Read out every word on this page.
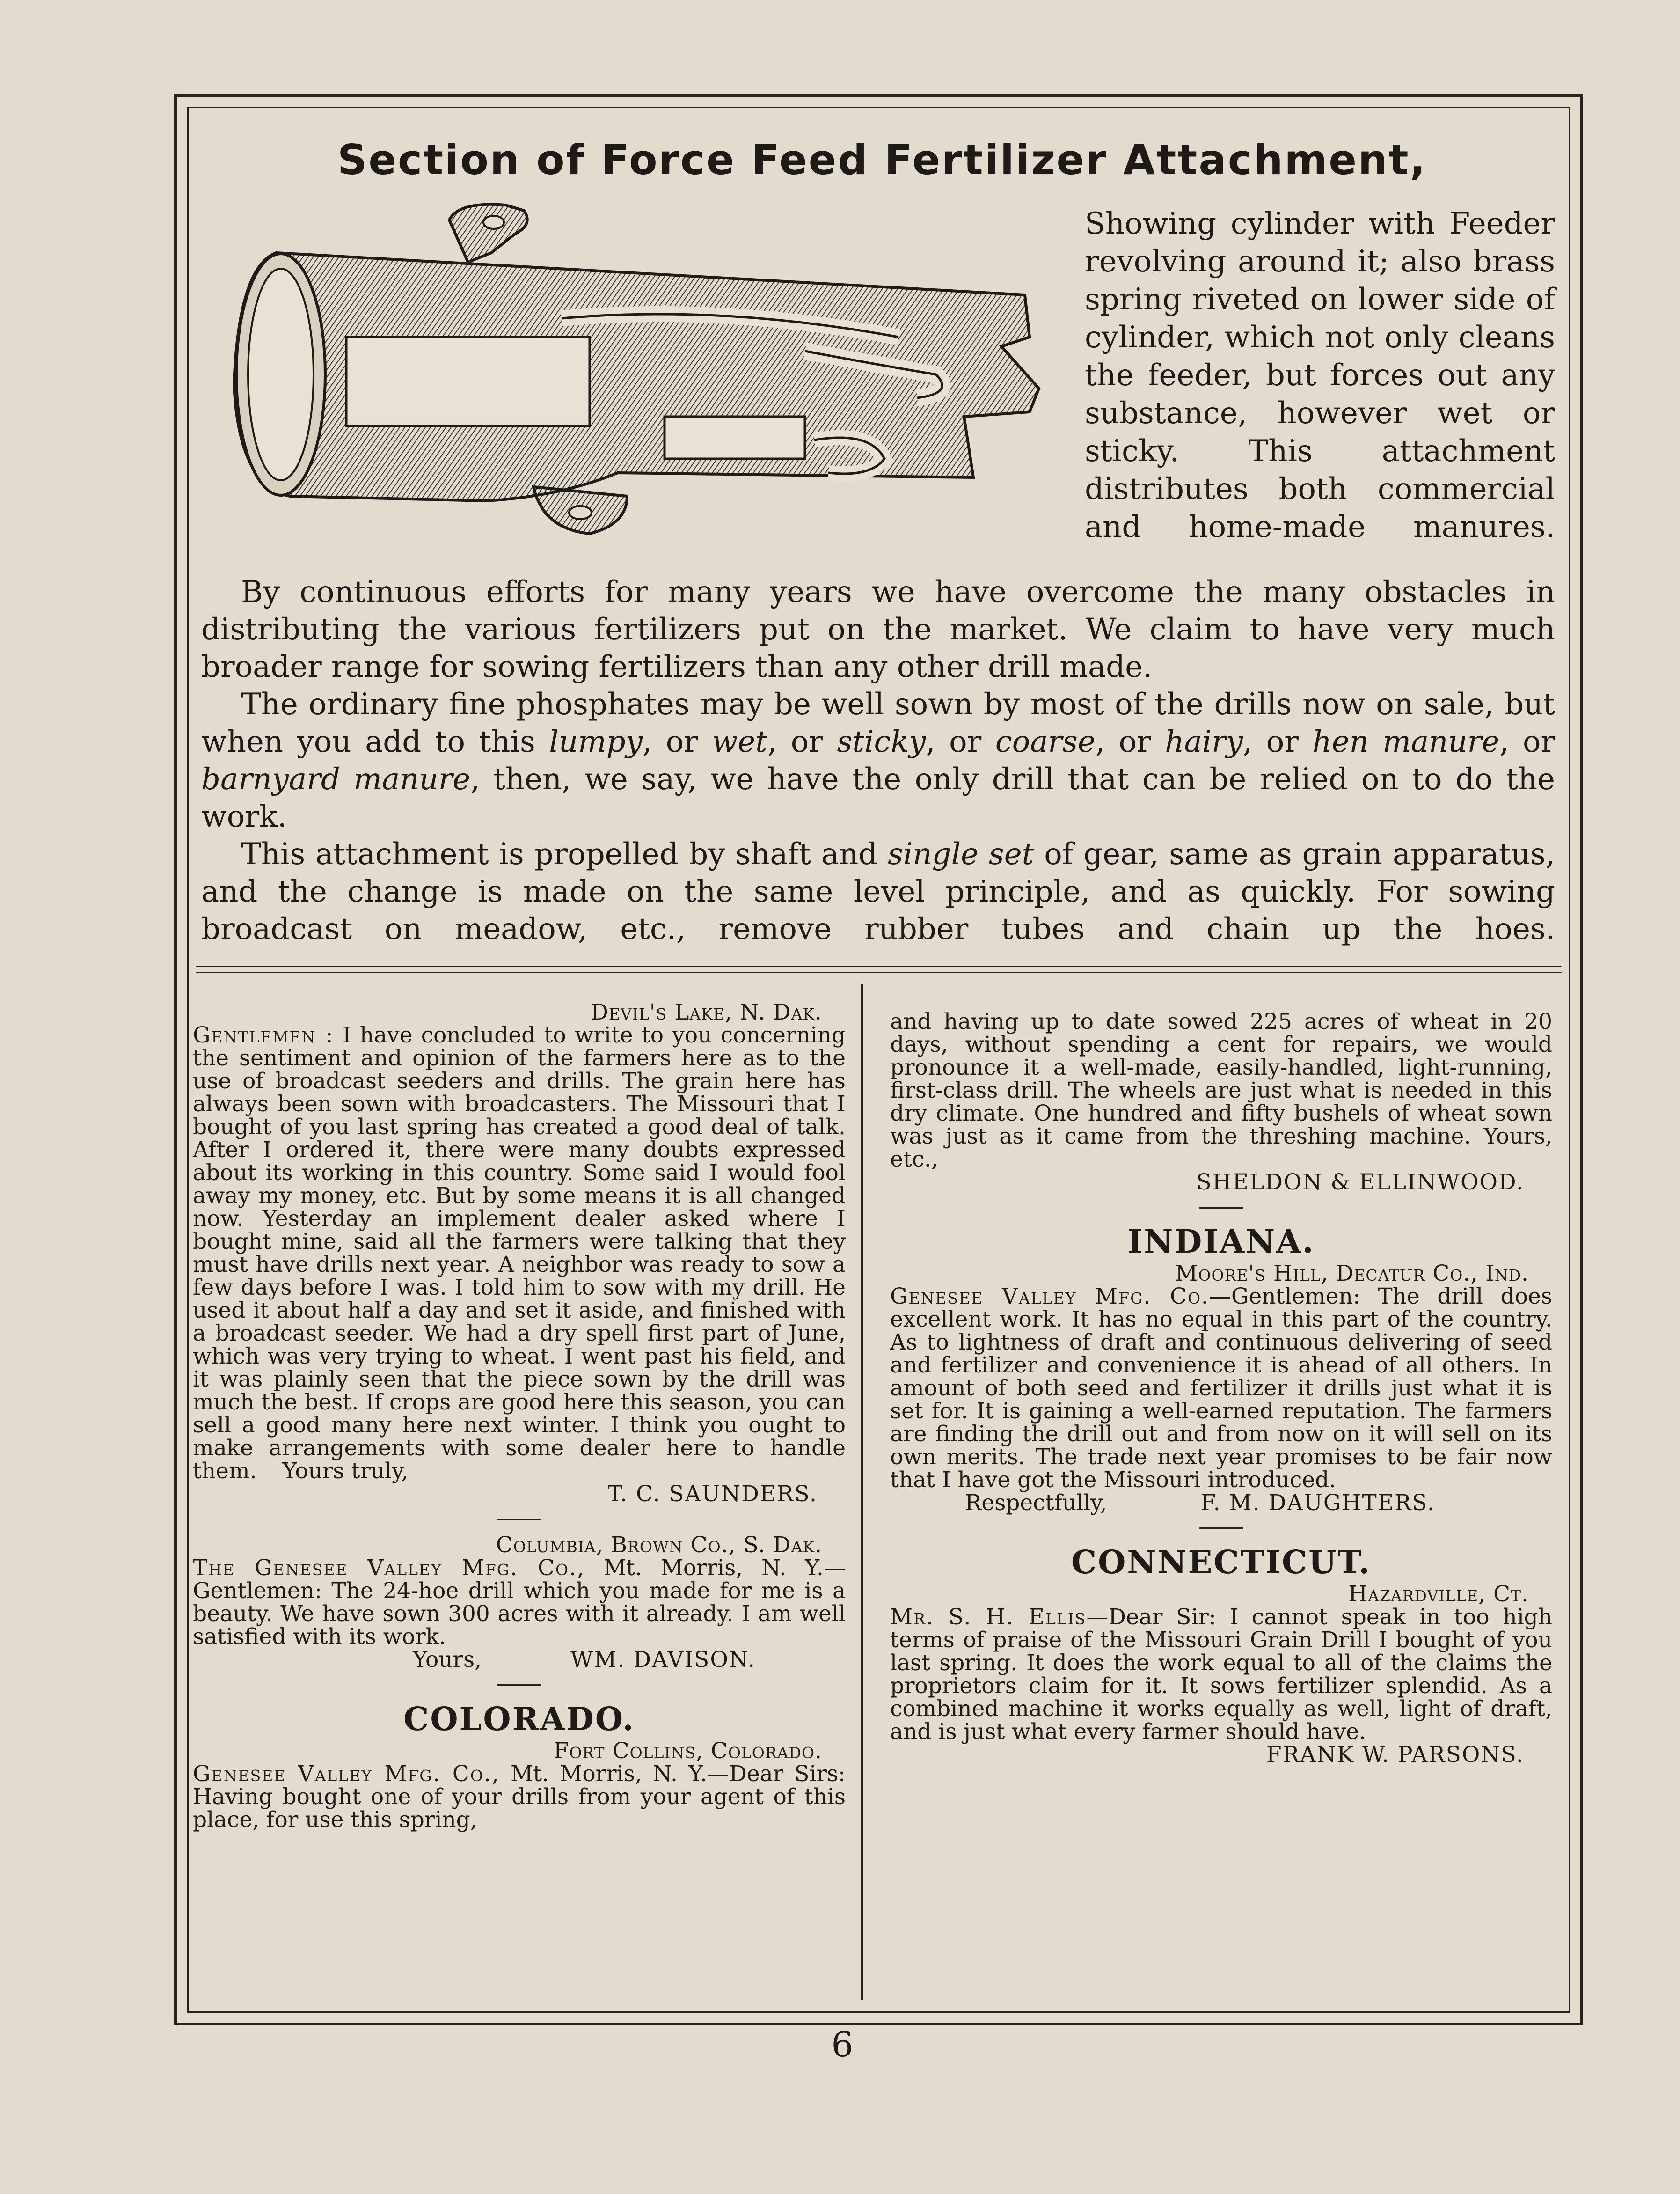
Section of Force Feed Fertilizer Attachment,

Showing cylinder with Feeder revolving around it; also brass spring riveted on lower side of cylinder, which not only cleans the feeder, but forces out any substance, however wet or sticky. This attachment distributes both commercial and home-made manures.

By continuous efforts for many years we have overcome the many obstacles in distributing the various fertilizers put on the market. We claim to have very much broader range for sowing fertilizers than any other drill made.

The ordinary fine phosphates may be well sown by most of the drills now on sale, but when you add to this lumpy, or wet, or sticky, or coarse, or hairy, or hen manure, or barnyard manure, then, we say, we have the only drill that can be relied on to do the work.

This attachment is propelled by shaft and single set of gear, same as grain apparatus, and the change is made on the same level principle, and as quickly. For sowing broadcast on meadow, etc., remove rubber tubes and chain up the hoes.

Devil's Lake, N. Dak.

Gentlemen : I have concluded to write to you concerning the sentiment and opinion of the farmers here as to the use of broadcast seeders and drills. The grain here has always been sown with broadcasters. The Missouri that I bought of you last spring has created a good deal of talk. After I ordered it, there were many doubts expressed about its working in this country. Some said I would fool away my money, etc. But by some means it is all changed now. Yesterday an implement dealer asked where I bought mine, said all the farmers were talking that they must have drills next year. A neighbor was ready to sow a few days before I was. I told him to sow with my drill. He used it about half a day and set it aside, and finished with a broadcast seeder. We had a dry spell first part of June, which was very trying to wheat. I went past his field, and it was plainly seen that the piece sown by the drill was much the best. If crops are good here this season, you can sell a good many here next winter. I think you ought to make arrangements with some dealer here to handle them. Yours truly,

T. C. SAUNDERS.

Columbia, Brown Co., S. Dak.

The Genesee Valley Mfg. Co., Mt. Morris, N. Y.—Gentlemen: The 24-hoe drill which you made for me is a beauty. We have sown 300 acres with it already. I am well satisfied with its work.

Yours,	WM. DAVISON.

COLORADO.

Fort Collins, Colorado.

Genesee Valley Mfg. Co., Mt. Morris, N. Y.—Dear Sirs: Having bought one of your drills from your agent of this place, for use this spring,

and having up to date sowed 225 acres of wheat in 20 days, without spending a cent for repairs, we would pronounce it a well-made, easily-handled, light-running, first-class drill. The wheels are just what is needed in this dry climate. One hundred and fifty bushels of wheat sown was just as it came from the threshing machine. Yours, etc.,

SHELDON & ELLINWOOD.

INDIANA.

Moore's Hill, Decatur Co., Ind.

Genesee Valley Mfg. Co.—Gentlemen: The drill does excellent work. It has no equal in this part of the country. As to lightness of draft and continuous delivering of seed and fertilizer and convenience it is ahead of all others. In amount of both seed and fertilizer it drills just what it is set for. It is gaining a well-earned reputation. The farmers are finding the drill out and from now on it will sell on its own merits. The trade next year promises to be fair now that I have got the Missouri introduced.

Respectfully,	F. M. DAUGHTERS.

CONNECTICUT.

Hazardville, Ct.

Mr. S. H. Ellis—Dear Sir: I cannot speak in too high terms of praise of the Missouri Grain Drill I bought of you last spring. It does the work equal to all of the claims the proprietors claim for it. It sows fertilizer splendid. As a combined machine it works equally as well, light of draft, and is just what every farmer should have.

FRANK W. PARSONS.

6
